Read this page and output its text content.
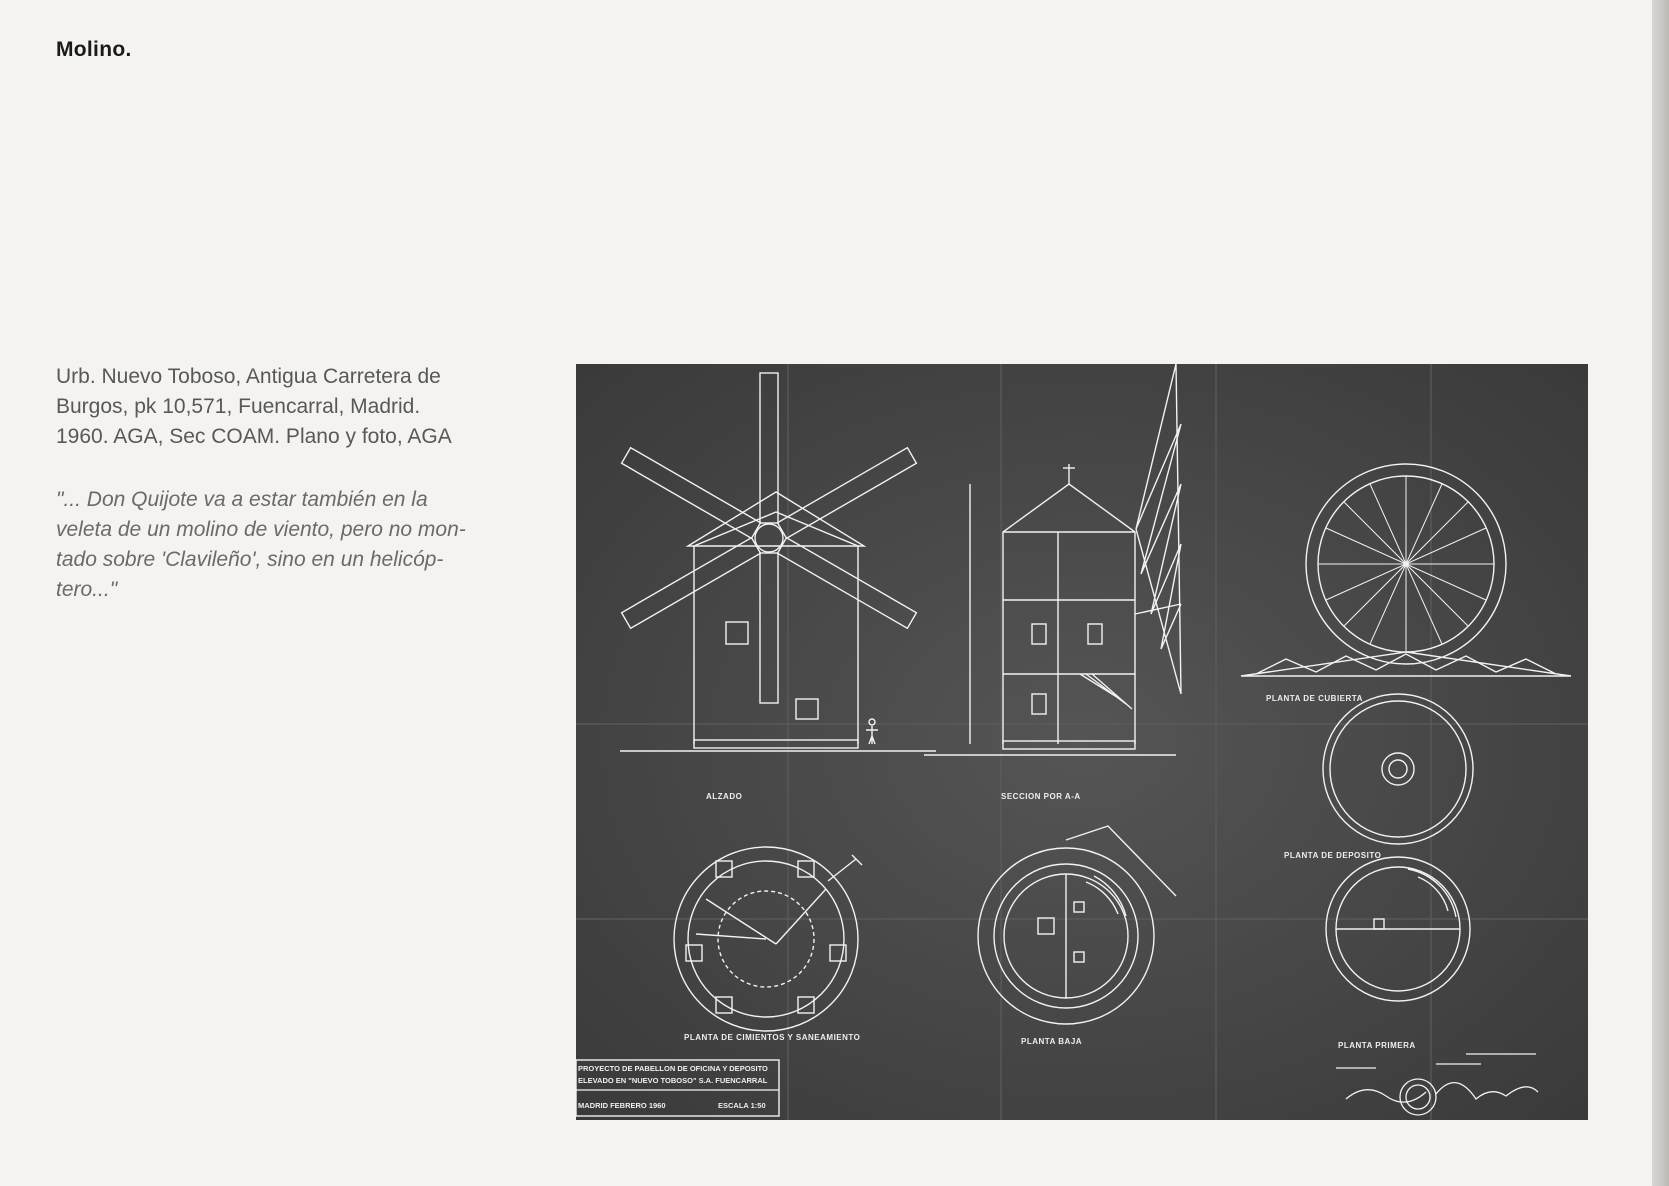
Molino.

Urb. Nuevo Toboso, Antigua Carretera de

Burgos, pk 10,571, Fuencarral, Madrid.

1960. AGA, Sec COAM. Plano y foto, AGA

"... Don Quijote va a estar también en la
veleta de un molino de viento, pero no mon-
tado sobre 'Clavileño', sino en un helicóp-
tero..."
ALZADO	SECCION POR A-A
PLANTA DE CUBIERTA
PLANTA DE DEPOSITO
PLANTA DE CIMIENTOS Y SANEAMIENTO	PLANTA BAJA	PLANTA PRIMERA
PROYECTO DE PABELLON DE OFICINA Y DEPOSITO
ELEVADO EN "NUEVO TOBOSO" S.A. FUENCARRAL
MADRID FEBRERO 1960	ESCALA 1:50
